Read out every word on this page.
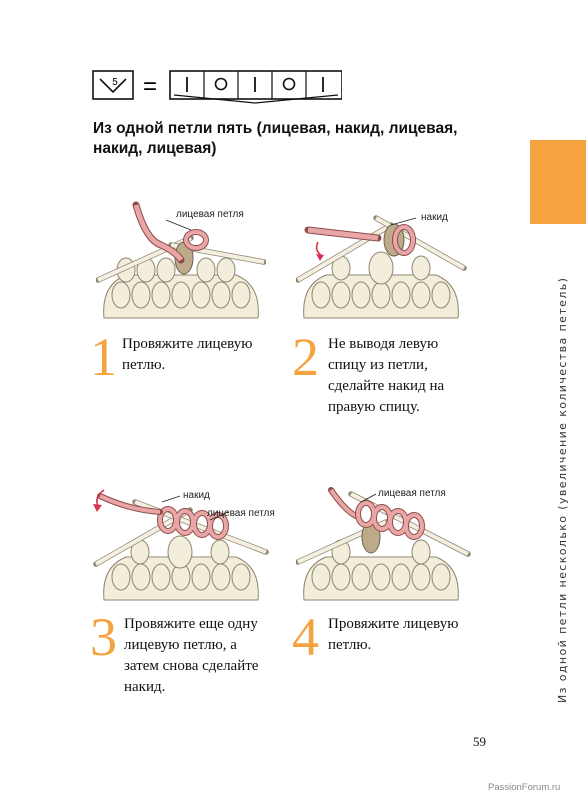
5 =
Из одной петли пять (лицевая, накид, лицевая, накид, лицевая)
Из одной петли несколько (увеличение количества петель)
лицевая петля	накид
накид
лицевая петля
лицевая петля
1 Провяжите лицевую петлю.	2 Не выводя левую спицу из петли, сделайте накид на правую спицу.
3 Провяжите еще одну лицевую петлю, а затем снова сделайте накид.
4 Провяжите лицевую петлю.
59
PassionForum.ru
